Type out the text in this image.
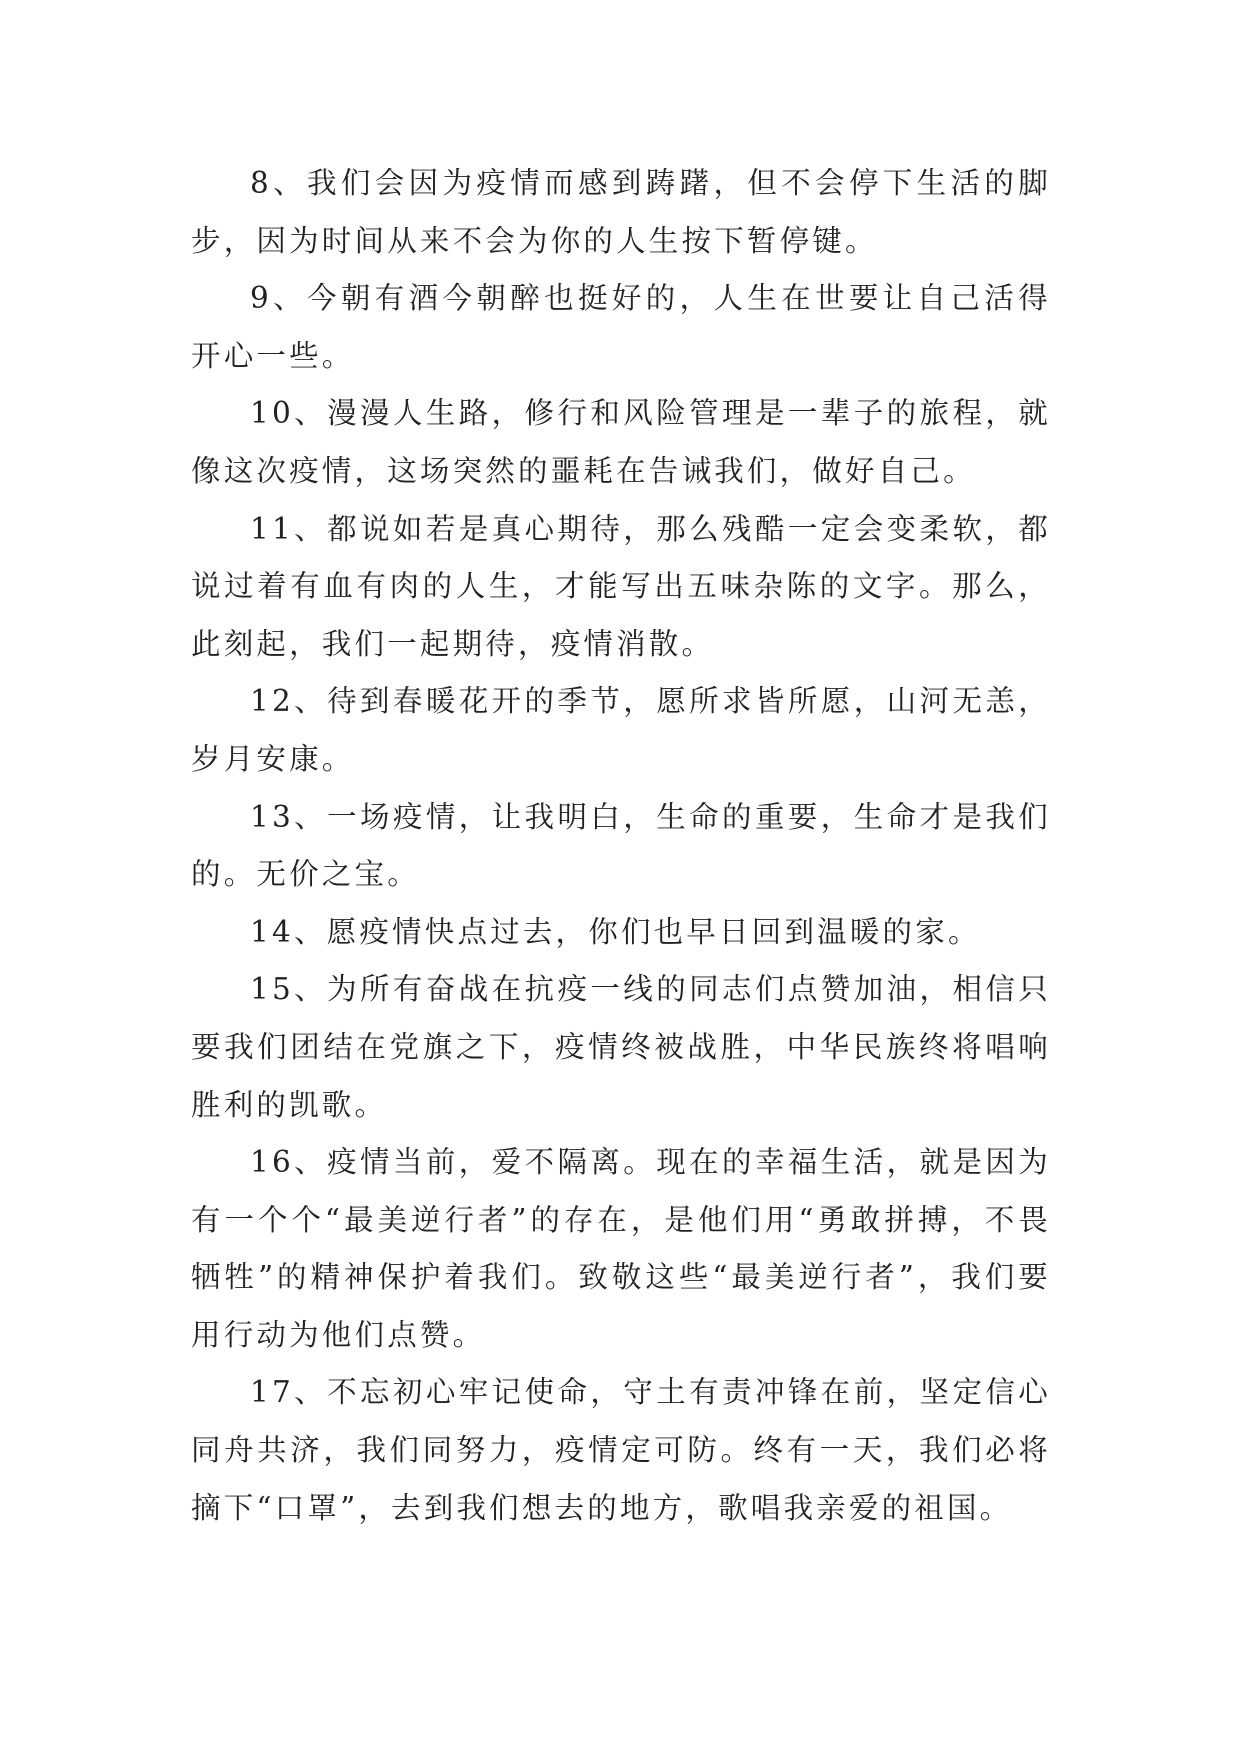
8、我们会因为疫情而感到踌躇，但不会停下生活的脚步，因为时间从来不会为你的人生按下暂停键。

9、今朝有酒今朝醉也挺好的，人生在世要让自己活得开心一些。

10、漫漫人生路，修行和风险管理是一辈子的旅程，就像这次疫情，这场突然的噩耗在告诫我们，做好自己。

11、都说如若是真心期待，那么残酷一定会变柔软，都说过着有血有肉的人生，才能写出五味杂陈的文字。那么，此刻起，我们一起期待，疫情消散。

12、待到春暖花开的季节，愿所求皆所愿，山河无恙，岁月安康。

13、一场疫情，让我明白，生命的重要，生命才是我们的。无价之宝。

14、愿疫情快点过去，你们也早日回到温暖的家。

15、为所有奋战在抗疫一线的同志们点赞加油，相信只要我们团结在党旗之下，疫情终被战胜，中华民族终将唱响胜利的凯歌。

16、疫情当前，爱不隔离。现在的幸福生活，就是因为有一个个“最美逆行者”的存在，是他们用“勇敢拼搏，不畏牺牲”的精神保护着我们。致敬这些“最美逆行者”，我们要用行动为他们点赞。

17、不忘初心牢记使命，守土有责冲锋在前，坚定信心同舟共济，我们同努力，疫情定可防。终有一天，我们必将摘下“口罩”，去到我们想去的地方，歌唱我亲爱的祖国。
